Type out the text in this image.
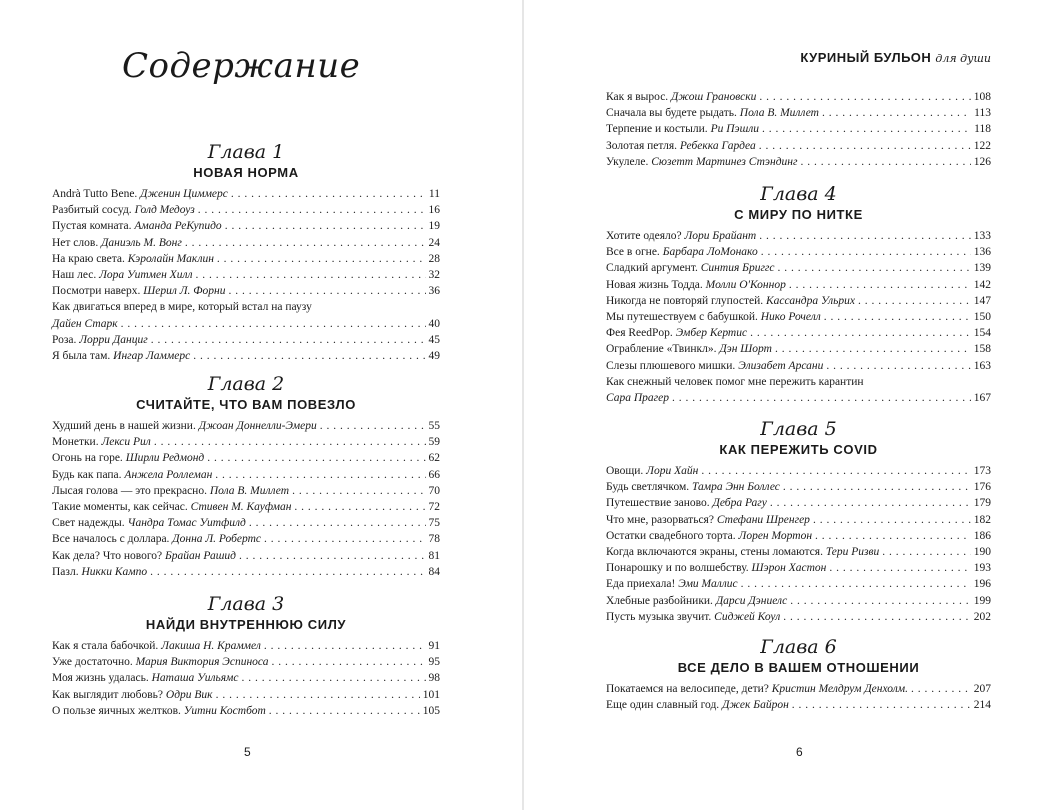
Содержание
Глава 1
НОВАЯ НОРМА
Andrà Tutto Bene. Дженин Циммерс . . .	11
Разбитый сосуд. Голд Медоуз . . .	16
Пустая комната. Аманда РеКупидо . . .	19
Нет слов. Даниэль М. Вонг . . .	24
На краю света. Кэролайн Маклин . . .	28
Наш лес. Лора Уитмен Хилл . . .	32
Посмотри наверх. Шерил Л. Форни . . .	36
Как двигаться вперед в мире, который встал на паузу
Дайен Старк . . .	40
Роза. Лорри Данциг . . .	45
Я была там. Ингар Ламмерс . . .	49
Глава 2
СЧИТАЙТЕ, ЧТО ВАМ ПОВЕЗЛО
Худший день в нашей жизни. Джоан Доннелли-Эмери . . .	55
Монетки. Лекси Рил . . .	59
Огонь на горе. Ширли Редмонд . . .	62
Будь как папа. Анжела Роллеман . . .	66
Лысая голова — это прекрасно. Пола В. Миллет . . .	70
Такие моменты, как сейчас. Стивен М. Кауфман . . .	72
Свет надежды. Чандра Томас Уитфилд . . .	75
Все началось с доллара. Донна Л. Робертс . . .	78
Как дела? Что нового? Брайан Рашид . . .	81
Пазл. Никки Кампо . . .	84
Глава 3
НАЙДИ ВНУТРЕННЮЮ СИЛУ
Как я стала бабочкой. Лакиша Н. Краммел . . .	91
Уже достаточно. Мария Виктория Эспиноса . . .	95
Моя жизнь удалась. Наташа Уильямс . . .	98
Как выглядит любовь? Одри Вик . . .	101
О пользе яичных желтков. Уитни Костбот . . .	105
5
КУРИНЫЙ БУЛЬОН для души
Как я вырос. Джош Грановски . . .	108
Сначала вы будете рыдать. Пола В. Миллет . . .	113
Терпение и костыли. Ри Пэшли . . .	118
Золотая петля. Ребекка Гардеа . . .	122
Укулеле. Сюзетт Мартинез Стэндинг . . .	126
Глава 4
С МИРУ ПО НИТКЕ
Хотите одеяло? Лори Брайант . . .	133
Все в огнe. Барбара ЛоМонако . . .	136
Сладкий аргумент. Синтия Бриггс . . .	139
Новая жизнь Тодда. Молли О'Коннор . . .	142
Никогда не повторяй глупостей. Кассандра Ульрих . . .	147
Мы путешествуем с бабушкой. Нико Рочелл . . .	150
Фея ReedPop. Эмбер Кертис . . .	154
Ограбление «Твинкл». Дэн Шорт . . .	158
Слезы плюшевого мишки. Элизабет Арсани . . .	163
Как снежный человек помог мне пережить карантин
Сара Прагер . . .	167
Глава 5
КАК ПЕРЕЖИТЬ COVID
Овощи. Лори Хайн . . .	173
Будь светлячком. Тамра Энн Боллес . . .	176
Путешествие заново. Дебра Рагу . . .	179
Что мне, разорваться? Стефани Шренгер . . .	182
Остатки свадебного торта. Лорен Мортон . . .	186
Когда включаются экраны, стены ломаются. Тери Ризви . . .	190
Понарошку и по волшебству. Шэрон Хастон . . .	193
Еда приехала! Эми Маллис . . .	196
Хлебные разбойники. Дарси Дэниелс . . .	199
Пусть музыка звучит. Сиджей Коул . . .	202
Глава 6
ВСЕ ДЕЛО В ВАШЕМ ОТНОШЕНИИ
Покатаемся на велосипеде, дети? Кристин Мелдрум Денхолм. . . .	207
Еще один славный год. Джек Байрон . . .	214
6
